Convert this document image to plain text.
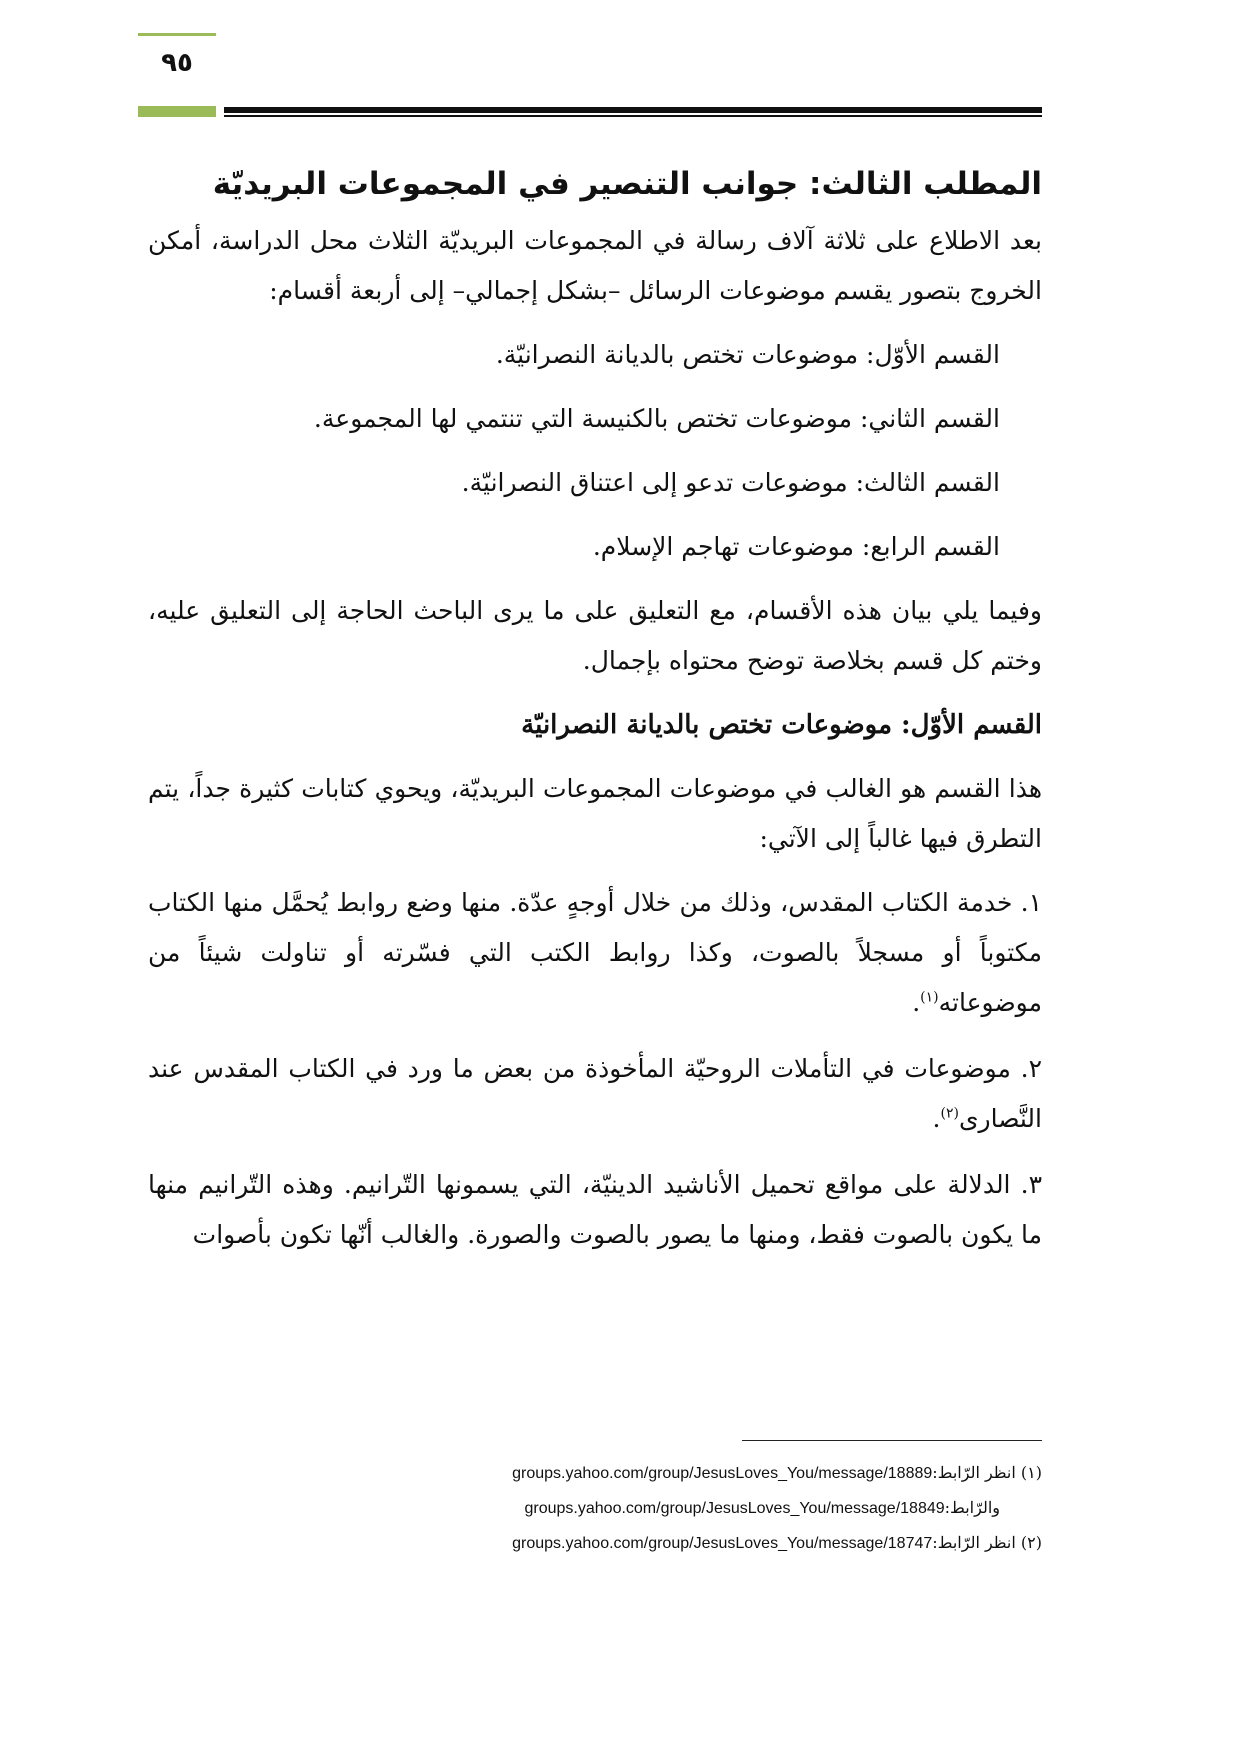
٩٥
المطلب الثالث: جوانب التنصير في المجموعات البريديّة

بعد الاطلاع على ثلاثة آلاف رسالة في المجموعات البريديّة الثلاث محل الدراسة، أمكن الخروج بتصور يقسم موضوعات الرسائل –بشكل إجمالي– إلى أربعة أقسام:

القسم الأوّل: موضوعات تختص بالديانة النصرانيّة.

القسم الثاني: موضوعات تختص بالكنيسة التي تنتمي لها المجموعة.

القسم الثالث: موضوعات تدعو إلى اعتناق النصرانيّة.

القسم الرابع: موضوعات تهاجم الإسلام.

وفيما يلي بيان هذه الأقسام، مع التعليق على ما يرى الباحث الحاجة إلى التعليق عليه، وختم كل قسم بخلاصة توضح محتواه بإجمال.

القسم الأوّل: موضوعات تختص بالديانة النصرانيّة

هذا القسم هو الغالب في موضوعات المجموعات البريديّة، ويحوي كتابات كثيرة جداً، يتم التطرق فيها غالباً إلى الآتي:

١. خدمة الكتاب المقدس، وذلك من خلال أوجهٍ عدّة. منها وضع روابط يُحمَّل منها الكتاب مكتوباً أو مسجلاً بالصوت، وكذا روابط الكتب التي فسّرته أو تناولت شيئاً من موضوعاته$^{(١)}$.

٢. موضوعات في التأملات الروحيّة المأخوذة من بعض ما ورد في الكتاب المقدس عند النَّصارى$^{(٢)}$.

٣. الدلالة على مواقع تحميل الأناشيد الدينيّة، التي يسمونها التّرانيم. وهذه التّرانيم منها ما يكون بالصوت فقط، ومنها ما يصور بالصوت والصورة. والغالب أنّها تكون بأصوات

(١) انظر الرّابط:groups.yahoo.com/group/JesusLoves_You/message/18889
والرّابط:groups.yahoo.com/group/JesusLoves_You/message/18849
(٢) انظر الرّابط:groups.yahoo.com/group/JesusLoves_You/message/18747
